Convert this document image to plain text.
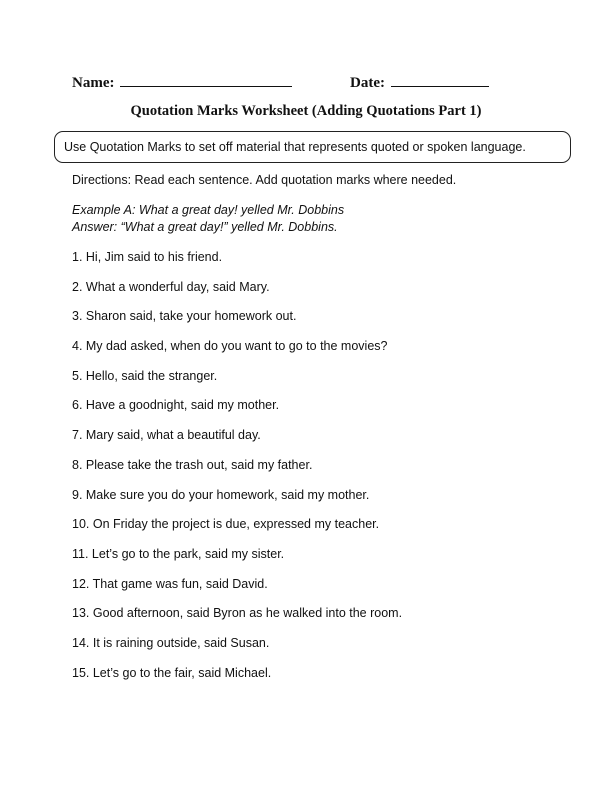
Name:	Date:
Quotation Marks Worksheet (Adding Quotations Part 1)
Use Quotation Marks to set off material that represents quoted or spoken language.
Directions: Read each sentence. Add quotation marks where needed.
Example A: What a great day! yelled Mr. Dobbins
Answer: “What a great day!” yelled Mr. Dobbins.
1. Hi, Jim said to his friend.
2. What a wonderful day, said Mary.
3. Sharon said, take your homework out.
4. My dad asked, when do you want to go to the movies?
5. Hello, said the stranger.
6. Have a goodnight, said my mother.
7. Mary said, what a beautiful day.
8. Please take the trash out, said my father.
9. Make sure you do your homework, said my mother.
10. On Friday the project is due, expressed my teacher.
11. Let’s go to the park, said my sister.
12. That game was fun, said David.
13. Good afternoon, said Byron as he walked into the room.
14. It is raining outside, said Susan.
15. Let’s go to the fair, said Michael.
